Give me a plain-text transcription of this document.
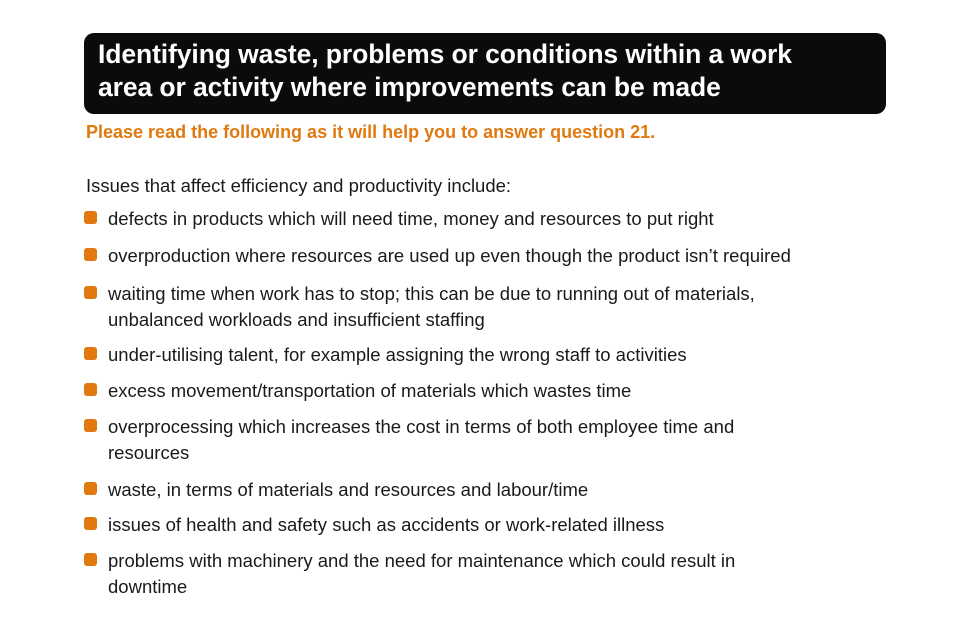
Identifying waste, problems or conditions within a work
area or activity where improvements can be made
Please read the following as it will help you to answer question 21.
Issues that affect efficiency and productivity include:
defects in products which will need time, money and resources to put right
overproduction where resources are used up even though the product isn’t required
waiting time when work has to stop; this can be due to running out of materials,
unbalanced workloads and insufficient staffing
under-utilising talent, for example assigning the wrong staff to activities
excess movement/transportation of materials which wastes time
overprocessing which increases the cost in terms of both employee time and
resources
waste, in terms of materials and resources and labour/time
issues of health and safety such as accidents or work-related illness
problems with machinery and the need for maintenance which could result in
downtime
